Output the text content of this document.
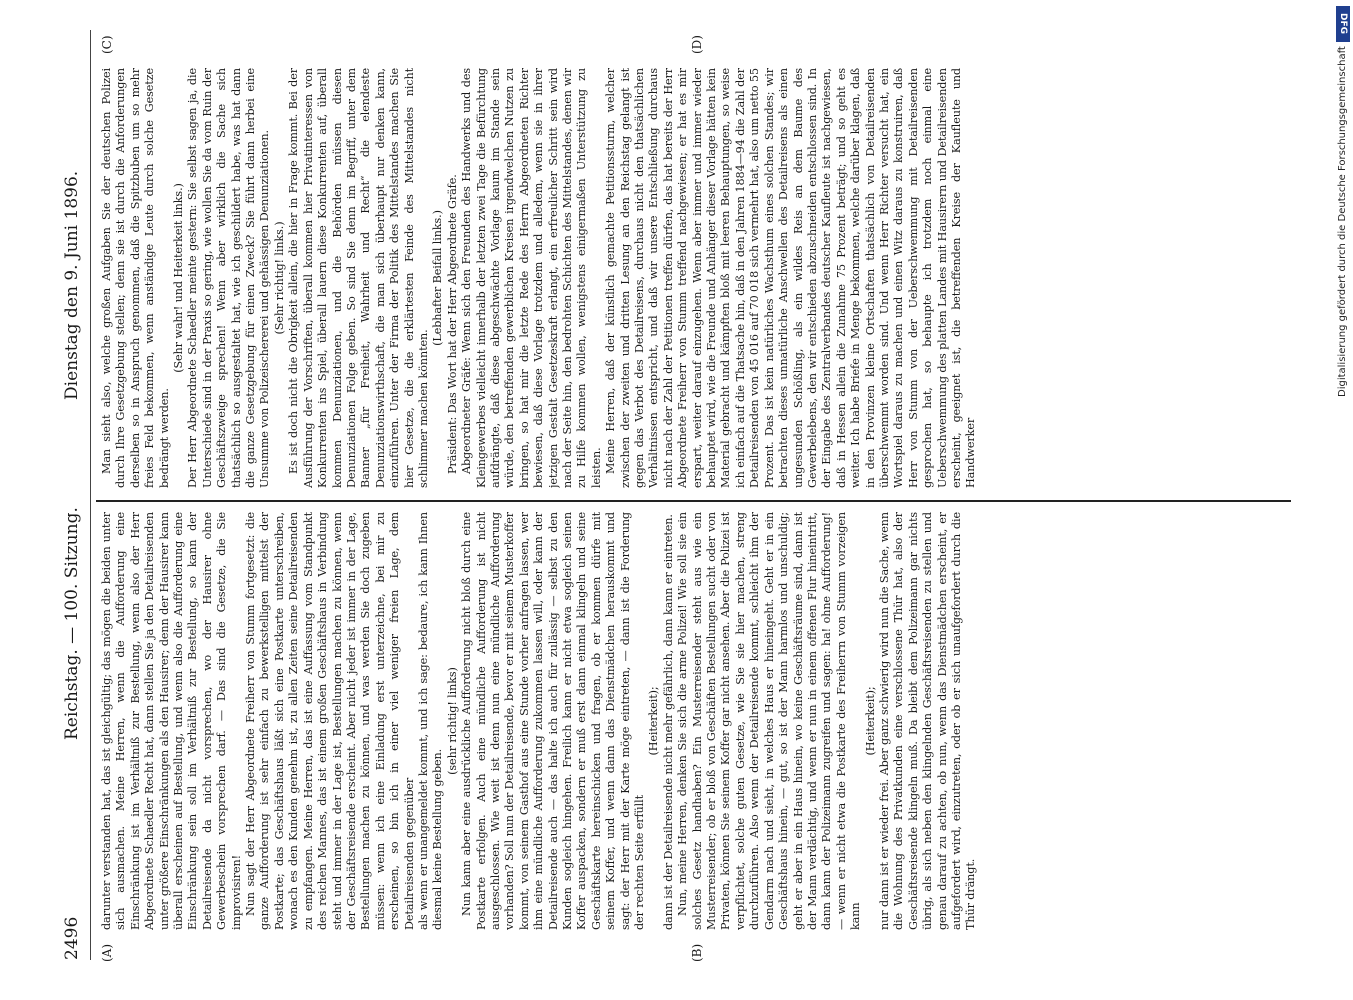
2496
Reichstag. — 100. Sitzung.
Dienstag den 9. Juni 1896.
(A)	(B)
(C)	(D)

darunter verstanden hat, das ist gleichgültig; das mögen die beiden unter sich ausmachen. Meine Herren, wenn die Aufforderung eine Einschränkung ist im Verhältniß zur Bestellung, wenn also der Herr Abgeordnete Schaedler Recht hat, dann stellen Sie ja den Detailreisenden unter größere Einschränkungen als den Hausirer; denn der Hausirer kann überall erscheinen auf Bestellung, und wenn also die Aufforderung eine Einschränkung sein soll im Verhältniß zur Bestellung, so kann der Detailreisende da nicht vorsprechen, wo der Hausirer ohne Gewerbeschein vorsprechen darf. — Das sind die Gesetze, die Sie improvisiren! Nun sagt der Herr Abgeordnete Freiherr von Stumm fortgesetzt: die ganze Aufforderung ist sehr einfach zu bewerkstelligen mittelst der Postkarte; das Geschäftshaus läßt sich eine Postkarte unterschreiben, wonach es den Kunden genehm ist, zu allen Zeiten seine Detailreisenden zu empfangen. Meine Herren, das ist eine Auffassung vom Standpunkt des reichen Mannes, das ist einem großen Geschäftshaus in Verbindung steht und immer in der Lage ist, Bestellungen machen zu können, wenn der Geschäftsreisende erscheint. Aber nicht jeder ist immer in der Lage, Bestellungen machen zu können, und was werden Sie doch zugeben müssen: wenn ich eine Einladung erst unterzeichne, bei mir zu erscheinen, so bin ich in einer viel weniger freien Lage, dem Detailreisenden gegenüber als wenn er unangemeldet kommt, und ich sage: bedaure, ich kann Ihnen diesmal keine Bestellung geben.

(sehr richtig! links) Nun kann aber eine ausdrückliche Aufforderung nicht bloß durch eine Postkarte erfolgen. Auch eine mündliche Aufforderung ist nicht ausgeschlossen. Wie weit ist denn nun eine mündliche Aufforderung vorhanden? Soll nun der Detailreisende, bevor er mit seinem Musterkoffer kommt, von seinem Gasthof aus eine Stunde vorher anfragen lassen, wer ihm eine mündliche Aufforderung zukommen lassen will, oder kann der Detailreisende auch — das halte ich auch für zulässig — selbst zu den Kunden sogleich hingehen. Freilich kann er nicht etwa sogleich seinen Koffer auspacken, sondern er muß erst dann einmal klingeln und seine Geschäftskarte hereinschicken und fragen, ob er kommen dürfe mit seinem Koffer, und wenn dann das Dienstmädchen herauskommt und sagt: der Herr mit der Karte möge eintreten, — dann ist die Forderung der rechten Seite erfüllt

(Heiterkeit); dann ist der Detailreisende nicht mehr gefährlich, dann kann er eintreten. Nun, meine Herren, denken Sie sich die arme Polizei! Wie soll sie ein solches Gesetz handhaben? Ein Musterreisender steht aus wie ein Musterreisender; ob er bloß von Geschäften Bestellungen sucht oder von Privaten, können Sie seinem Koffer gar nicht ansehen. Aber die Polizei ist verpflichtet, solche guten Gesetze, wie Sie sie hier machen, streng durchzuführen. Also wenn der Detailreisende kommt, schleicht ihm der Gendarm nach und sieht, in welches Haus er hineingeht. Geht er in ein Geschäftshaus hinein, — gut, so ist der Mann harmlos und unschuldig; geht er aber in ein Haus hinein, wo keine Geschäftsräume sind, dann ist der Mann verdächtig, und wenn er nun in einem offenen Flur hineintritt, dann kann der Polizeimann zugreifen und sagen: ha! ohne Aufforderung! — wenn er nicht etwa die Postkarte des Freiherrn von Stumm vorzeigen kann

(Heiterkeit); nur dann ist er wieder frei. Aber ganz schwierig wird nun die Sache, wenn die Wohnung des Privatkunden eine verschlossene Thür hat, also der Geschäftsreisende klingeln muß. Da bleibt dem Polizeimann gar nichts übrig, als sich neben den klingelnden Geschäftsreisenden zu stellen und genau darauf zu achten, ob nun, wenn das Dienstmädchen erscheint, er aufgefordert wird, einzutreten, oder ob er sich unaufgefordert durch die Thür drängt.

Man sieht also, welche großen Aufgaben Sie der deutschen Polizei durch Ihre Gesetzgebung stellen; denn sie ist durch die Anforderungen derselben so in Anspruch genommen, daß die Spitzbuben um so mehr freies Feld bekommen, wenn anständige Leute durch solche Gesetze bedrängt werden.

(Sehr wahr! und Heiterkeit links.) Der Herr Abgeordnete Schaedler meinte gestern: Sie selbst sagen ja, die Unterschiede sind in der Praxis so gering, wie wollen Sie da vom Ruin der Geschäftszweige sprechen! Wenn aber wirklich die Sache sich thatsächlich so ausgestaltet hat, wie ich geschildert habe, was hat dann die ganze Gesetzgebung für einen Zweck? Sie führt dann herbei eine Unsumme von Polizeischererei und gehässigen Denunziationen. (Sehr richtig! links.) Es ist doch nicht die Obrigkeit allein, die hier in Frage kommt. Bei der Ausführung der Vorschriften, überall kommen hier Privatinteressen von Konkurrenten ins Spiel, überall lauern diese Konkurrenten auf, überall kommen Denunziationen, und die Behörden müssen diesen Denunziationen Folge geben. So sind Sie denn im Begriff, unter dem Banner „für Freiheit, Wahrheit und Recht“ die elendeste Denunziationswirthschaft, die man sich überhaupt nur denken kann, einzuführen. Unter der Firma der Politik des Mittelstandes machen Sie hier Gesetze, die die erklärtesten Feinde des Mittelstandes nicht schlimmer machen könnten.

(Lebhafter Beifall links.) Präsident: Das Wort hat der Herr Abgeordnete Gräfe. Abgeordneter Gräfe: Wenn sich den Freunden des Handwerks und des Kleingewerbes vielleicht innerhalb der letzten zwei Tage die Befürchtung aufdrängte, daß diese abgeschwächte Vorlage kaum im Stande sein würde, den betreffenden gewerblichen Kreisen irgendwelchen Nutzen zu bringen, so hat mir die letzte Rede des Herrn Abgeordneten Richter bewiesen, daß diese Vorlage trotzdem und alledem, wenn sie in ihrer jetzigen Gestalt Gesetzeskraft erlangt, ein erfreulicher Schritt sein wird nach der Seite hin, den bedrohten Schichten des Mittelstandes, denen wir zu Hilfe kommen wollen, wenigstens einigermaßen Unterstützung zu leisten. Meine Herren, daß der künstlich gemachte Petitionssturm, welcher zwischen der zweiten und dritten Lesung an den Reichstag gelangt ist gegen das Verbot des Detailreisens, durchaus nicht den thatsächlichen Verhältnissen entspricht, und daß wir unsere Entschließung durchaus nicht nach der Zahl der Petitionen treffen dürfen, das hat bereits der Herr Abgeordnete Freiherr von Stumm treffend nachgewiesen; er hat es mir erspart, weiter darauf einzugehen. Wenn aber immer und immer wieder behauptet wird, wie die Freunde und Anhänger dieser Vorlage hätten kein Material gebracht und kämpften bloß mit leeren Behauptungen, so weise ich einfach auf die Thatsache hin, daß in den Jahren 1884—94 die Zahl der Detailreisenden von 45 016 auf 70 018 sich vermehrt hat, also um netto 55 Prozent. Das ist kein natürliches Wachsthum eines solchen Standes; wir betrachten dieses unnatürliche Anschwellen des Detailreisens als einen ungesunden Schößling, als ein wildes Reis an dem Baume des Gewerbelebens, den wir entschieden abzuschneiden entschlossen sind. In der Eingabe des Zentralverbandes deutscher Kaufleute ist nachgewiesen, daß in Hessen allein die Zunahme 75 Prozent beträgt; und so geht es weiter. Ich habe Briefe in Menge bekommen, welche darüber klagen, daß in den Provinzen kleine Ortschaften thatsächlich von Detailreisenden überschwemmt worden sind. Und wenn Herr Richter versucht hat, ein Wortspiel daraus zu machen und einen Witz daraus zu konstruiren, daß Herr von Stumm von der Ueberschwemmung mit Detailreisenden gesprochen hat, so behaupte ich trotzdem noch einmal eine Ueberschwemmung des platten Landes mit Hausirern und Detailreisenden erscheint, geeignet ist, die betreffenden Kreise der Kaufleute und Handwerker

DFG
Digitalisierung gefördert durch die Deutsche Forschungsgemeinschaft
